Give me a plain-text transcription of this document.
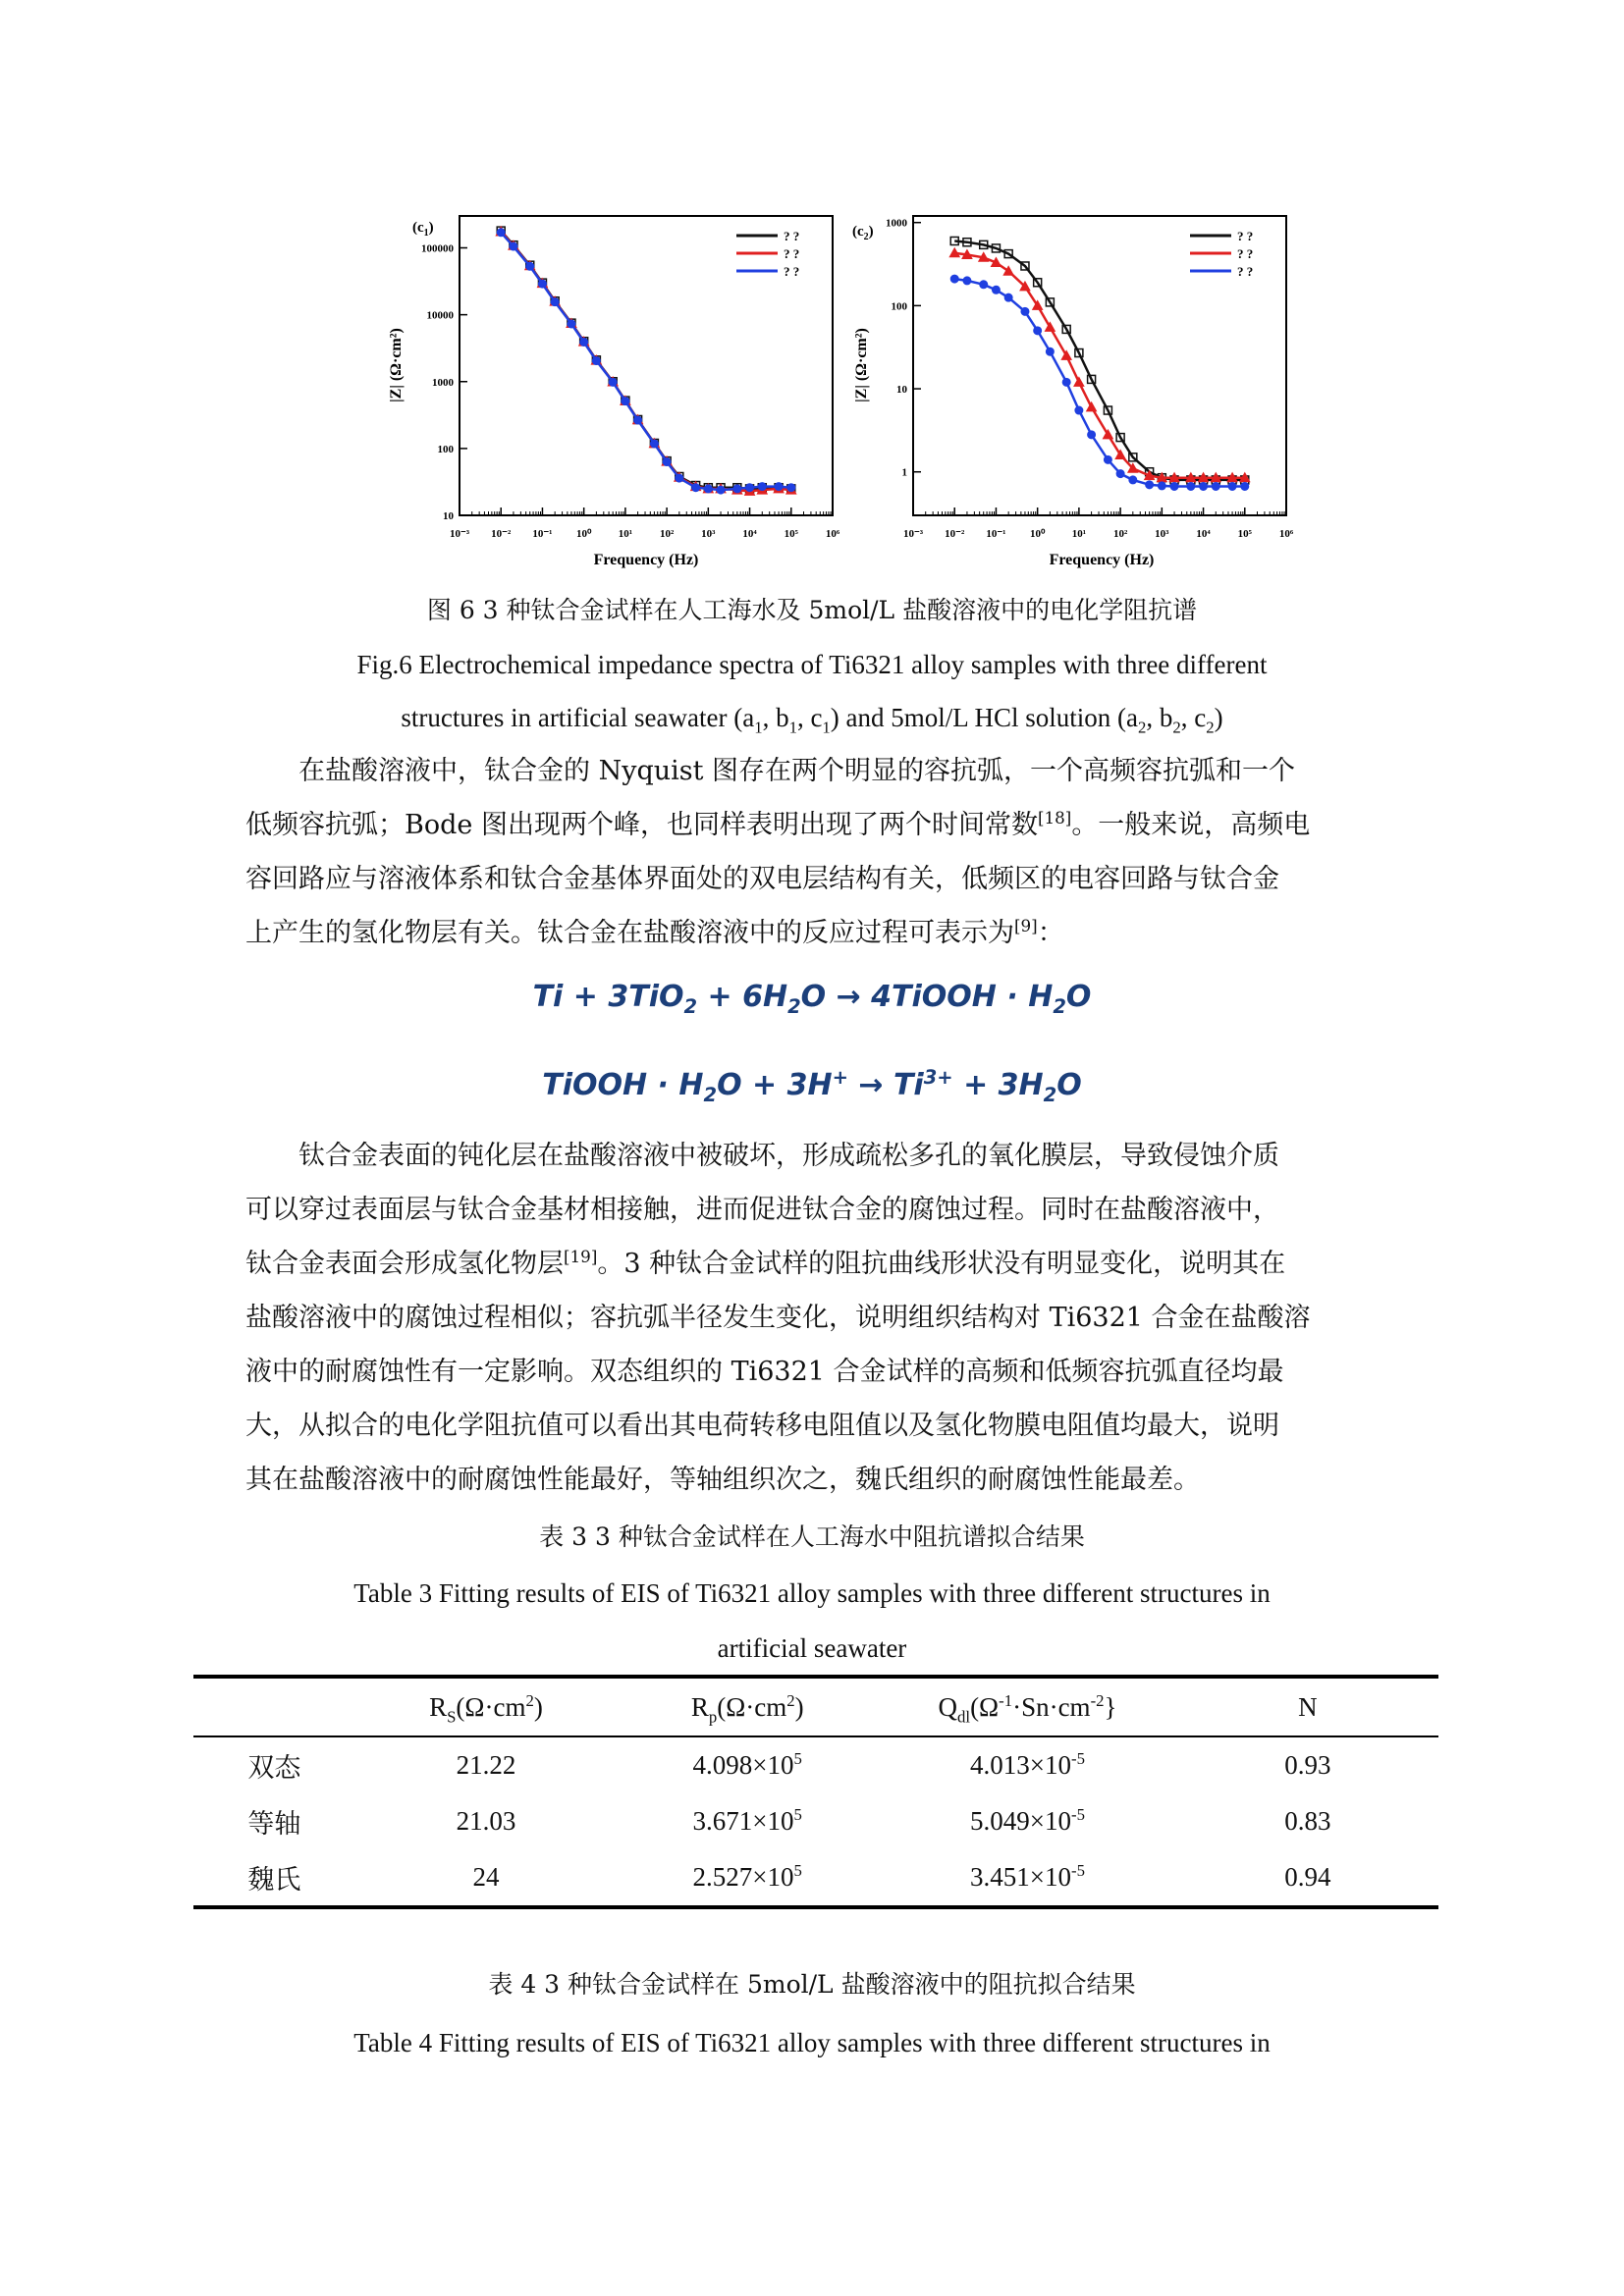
10⁻³ 10⁻² 10⁻¹ 10⁰ 10¹	10²	10³	10⁴	10⁵	10⁶
100000
10000
1000
100
10
$(c_1)$
Frequency (Hz)
|Z| (Ω·cm²)
? ?
? ?
? ?
10⁻³ 10⁻² 10⁻¹ 10⁰ 10¹	10²	10³	10⁴	10⁵	10⁶
1000
100
10
1
$(c_2)$
Frequency (Hz)
|Z| (Ω·cm²)
? ?
? ?
? ?
图 6 3 种钛合金试样在人工海水及 5mol/L 盐酸溶液中的电化学阻抗谱
Fig.6 Electrochemical impedance spectra of Ti6321 alloy samples with three different
structures in artificial seawater ($a_1$, $b_1$, $c_1$) and 5mol/L HCl solution ($a_2$, $b_2$, $c_2$)
在盐酸溶液中，钛合金的 Nyquist 图存在两个明显的容抗弧，一个高频容抗弧和一个
低频容抗弧；Bode 图出现两个峰，也同样表明出现了两个时间常数[18]。一般来说，高频电
容回路应与溶液体系和钛合金基体界面处的双电层结构有关，低频区的电容回路与钛合金
上产生的氢化物层有关。钛合金在盐酸溶液中的反应过程可表示为[9]：
$Ti + 3TiO_2 + 6H_2O$ → 4TiOOH · $H_2O$
TiOOH · $H_2O + 3H^+ \to Ti^{3+} + 3H_2O$
钛合金表面的钝化层在盐酸溶液中被破坏，形成疏松多孔的氧化膜层，导致侵蚀介质
可以穿过表面层与钛合金基材相接触，进而促进钛合金的腐蚀过程。同时在盐酸溶液中，
钛合金表面会形成氢化物层[19]。3 种钛合金试样的阻抗曲线形状没有明显变化，说明其在
盐酸溶液中的腐蚀过程相似；容抗弧半径发生变化，说明组织结构对 Ti6321 合金在盐酸溶
液中的耐腐蚀性有一定影响。双态组织的 Ti6321 合金试样的高频和低频容抗弧直径均最
大，从拟合的电化学阻抗值可以看出其电荷转移电阻值以及氢化物膜电阻值均最大，说明
其在盐酸溶液中的耐腐蚀性能最好，等轴组织次之，魏氏组织的耐腐蚀性能最差。
表 3 3 种钛合金试样在人工海水中阻抗谱拟合结果
Table 3 Fitting results of EIS of Ti6321 alloy samples with three different structures in
artificial seawater
	$R_S(\Omega\cdot cm^2)$	$R_p(\Omega\cdot cm^2)$	$Q_{dl}(\Omega^{-1}\cdot Sn\cdot cm^{-2}\}$	N
双态	21.22	$4.098\times 10^5$	$4.013\times 10^{-5}$	0.93
等轴	21.03	$3.671\times 10^5$	$5.049\times 10^{-5}$	0.83
魏氏	24	$2.527\times 10^5$	$3.451\times 10^{-5}$	0.94
表 4 3 种钛合金试样在 5mol/L 盐酸溶液中的阻抗拟合结果
Table 4 Fitting results of EIS of Ti6321 alloy samples with three different structures in
